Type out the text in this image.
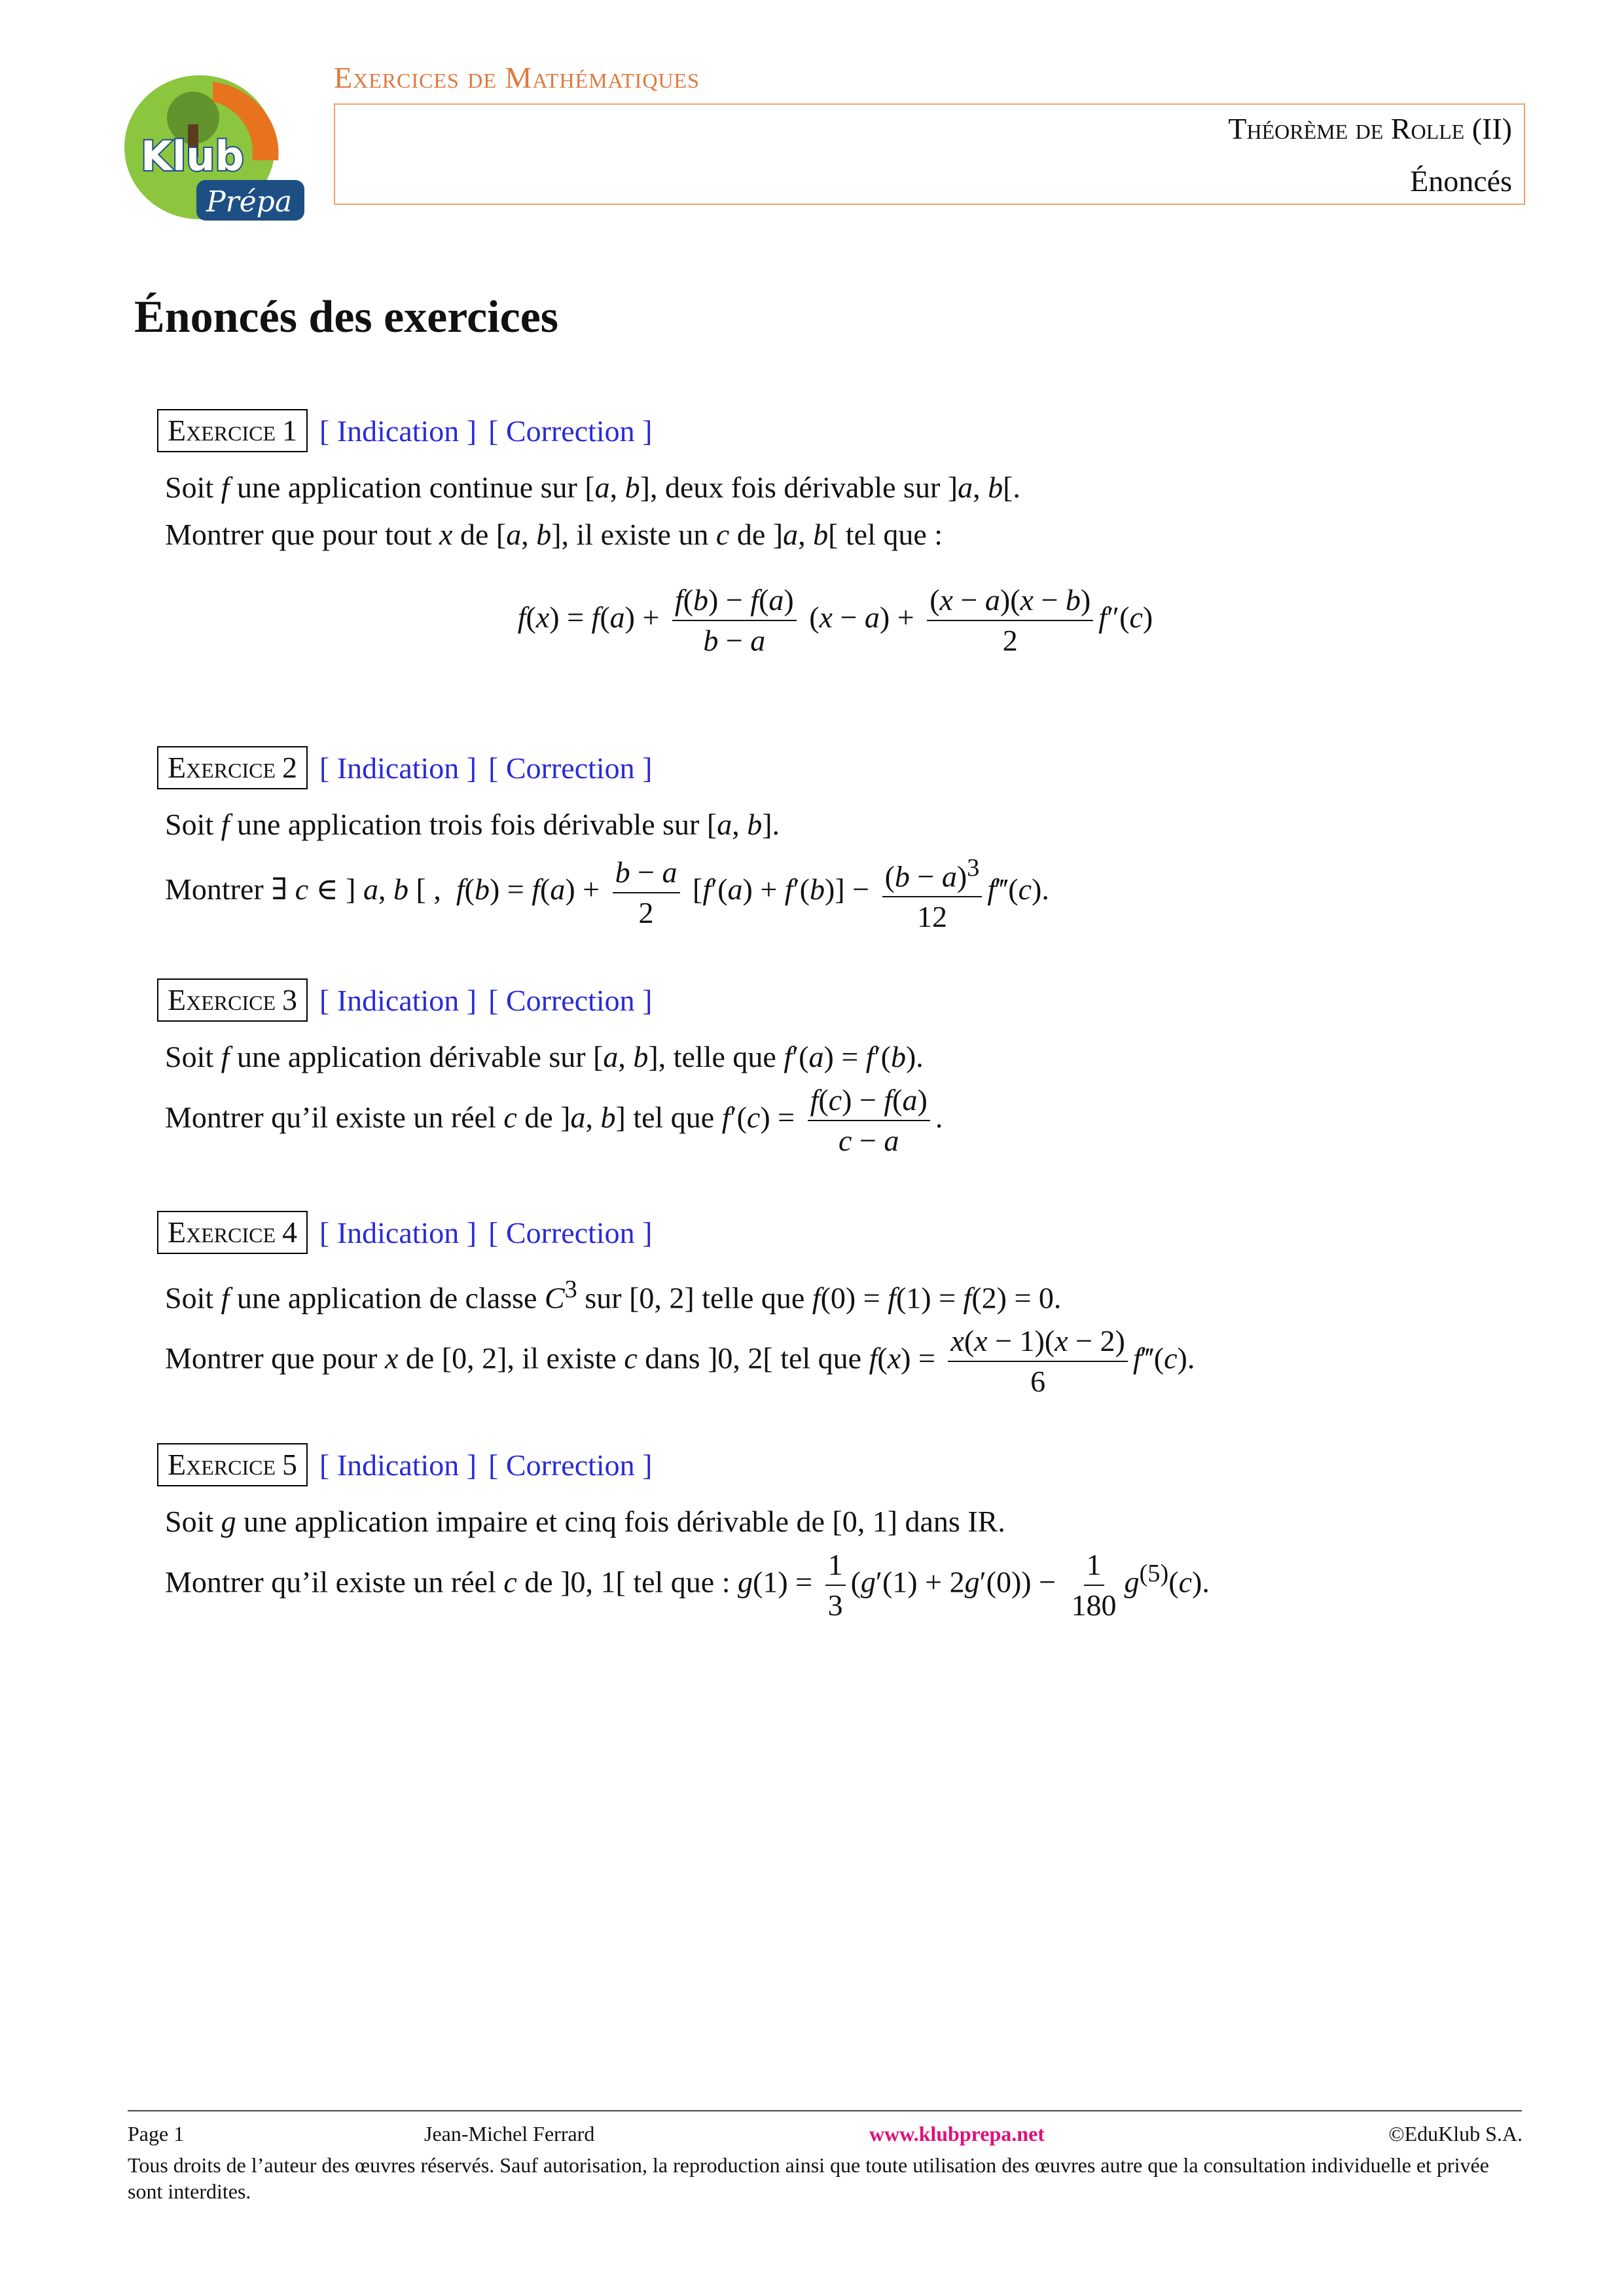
Klub
Prépa
Exercices de Mathématiques
Théorème de Rolle (II)
Énoncés
Énoncés des exercices
Exercice 1 [ Indication ] [ Correction ]
Soit f une application continue sur [a, b], deux fois dérivable sur ]a, b[.
Montrer que pour tout x de [a, b], il existe un c de ]a, b[ tel que :
$f(x) = f(a) + \frac{f(b) - f(a)}{b - a} (x - a) + \frac{(x - a)(x - b)}{2} f''(c)$
Exercice 2 [ Indication ] [ Correction ]
Soit f une application trois fois dérivable sur [a, b].
Montrer ∃ c ∈ ] a, b [ ,  $f(b) = f(a) + \frac{b - a}{2} [f'(a) + f'(b)] - \frac{(b - a)^3}{12}$ f‴(c).
Exercice 3 [ Indication ] [ Correction ]
Soit f une application dérivable sur [a, b], telle que f′(a) = f′(b).
Montrer qu’il existe un réel c de ]a, b] tel que $f'(c) = \frac{f(c) - f(a)}{c - a}$ .
Exercice 4 [ Indication ] [ Correction ]
Soit f une application de classe $C^3$ sur [0, 2] telle que f(0) = f(1) = f(2) = 0.
Montrer que pour x de [0, 2], il existe c dans ]0, 2[ tel que $f(x) = \frac{x(x - 1)(x - 2)}{6}$ f‴(c).
Exercice 5 [ Indication ] [ Correction ]
Soit g une application impaire et cinq fois dérivable de [0, 1] dans IR.
Montrer qu’il existe un réel c de ]0, 1[ tel que : $g(1) = \frac{1}{3} (g'(1) + 2g'(0)) - \frac{1}{180} g^{(5)}(c)$.
Page 1	Jean-Michel Ferrard	www.klubprepa.net	©EduKlub S.A.
Tous droits de l’auteur des œuvres réservés. Sauf autorisation, la reproduction ainsi que toute utilisation des œuvres autre que la consultation individuelle et privée sont interdites.
